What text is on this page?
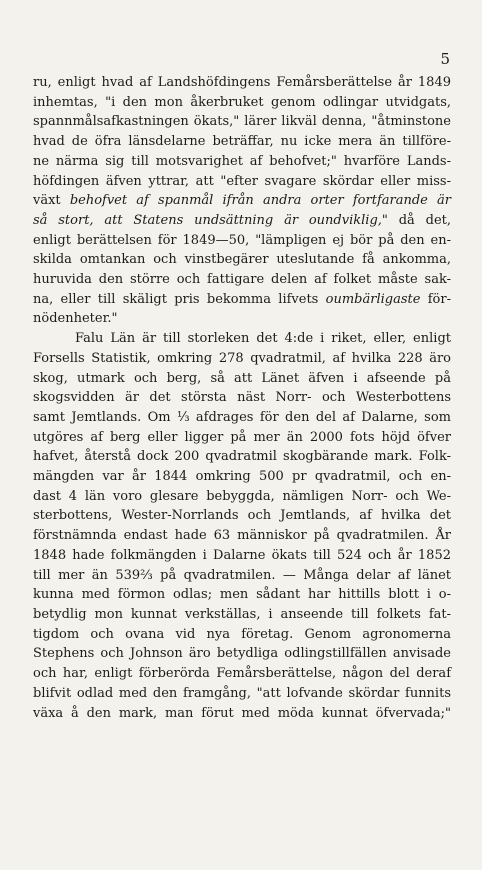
5
ru, enligt hvad af Landshöfdingens Femårsberättelse år 1849
inhemtas, "i den mon åkerbruket genom odlingar utvidgats,
spannmålsafkastningen ökats," lärer likväl denna, "åtminstone
hvad de öfra länsdelarne beträffar, nu icke mera än tillföre-
ne närma sig till motsvarighet af behofvet;" hvarföre Lands-
höfdingen äfven yttrar, att "efter svagare skördar eller miss-
växt behofvet af spanmål ifrån andra orter fortfarande är
så stort, att Statens undsättning är oundviklig," då det,
enligt berättelsen för 1849—50, "lämpligen ej bör på den en-
skilda omtankan och vinstbegärer uteslutande få ankomma,
huruvida den större och fattigare delen af folket måste sak-
na, eller till skäligt pris bekomma lifvets oumbärligaste för-
nödenheter."
Falu Län är till storleken det 4:de i riket, eller, enligt
Forsells Statistik, omkring 278 qvadratmil, af hvilka 228 äro
skog, utmark och berg, så att Länet äfven i afseende på
skogsvidden är det största näst Norr- och Westerbottens
samt Jemtlands. Om ⅓ afdrages för den del af Dalarne, som
utgöres af berg eller ligger på mer än 2000 fots höjd öfver
hafvet, återstå dock 200 qvadratmil skogbärande mark. Folk-
mängden var år 1844 omkring 500 pr qvadratmil, och en-
dast 4 län voro glesare bebyggda, nämligen Norr- och We-
sterbottens, Wester-Norrlands och Jemtlands, af hvilka det
förstnämnda endast hade 63 människor på qvadratmilen. År
1848 hade folkmängden i Dalarne ökats till 524 och år 1852
till mer än 539⅔ på qvadratmilen. — Många delar af länet
kunna med förmon odlas; men sådant har hittills blott i o-
betydlig mon kunnat verkställas, i anseende till folkets fat-
tigdom och ovana vid nya företag. Genom agronomerna
Stephens och Johnson äro betydliga odlingstillfällen anvisade
och har, enligt förberörda Femårsberättelse, någon del deraf
blifvit odlad med den framgång, "att lofvande skördar funnits
växa å den mark, man förut med möda kunnat öfvervada;"
